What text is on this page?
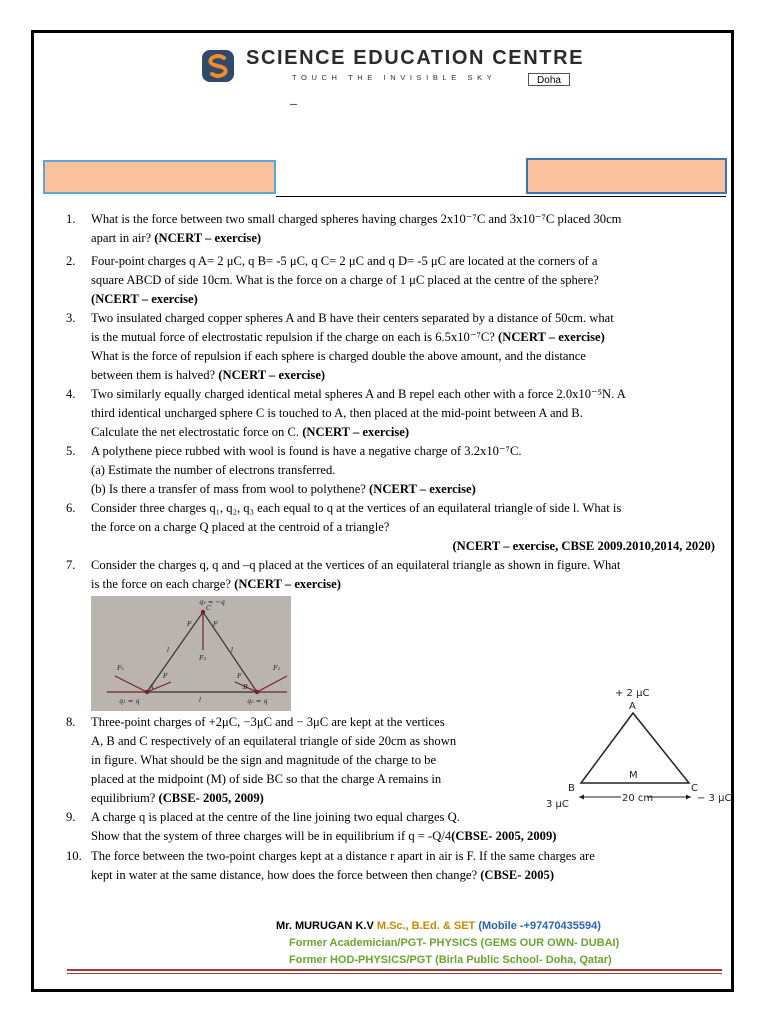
SCIENCE EDUCATION CENTRE
TOUCH THE INVISIBLE SKY	Doha
_
1. What is the force between two small charged spheres having charges 2x10⁻⁷C and 3x10⁻⁷C placed 30cm
apart in air? (NCERT – exercise)
2. Four-point charges q A= 2 μC, q B= -5 μC, q C= 2 μC and q D= -5 μC are located at the corners of a
square ABCD of side 10cm. What is the force on a charge of 1 μC placed at the centre of the sphere?
(NCERT – exercise)
3. Two insulated charged copper spheres A and B have their centers separated by a distance of 50cm. what
is the mutual force of electrostatic repulsion if the charge on each is 6.5x10⁻⁷C? (NCERT – exercise)
What is the force of repulsion if each sphere is charged double the above amount, and the distance
between them is halved? (NCERT – exercise)
4. Two similarly equally charged identical metal spheres A and B repel each other with a force 2.0x10⁻⁵N. A
third identical uncharged sphere C is touched to A, then placed at the mid-point between A and B.
Calculate the net electrostatic force on C. (NCERT – exercise)
5. A polythene piece rubbed with wool is found is have a negative charge of 3.2x10⁻⁷C.
(a) Estimate the number of electrons transferred.
(b) Is there a transfer of mass from wool to polythene? (NCERT – exercise)
6. Consider three charges q₁, q₂, q₃ each equal to q at the vertices of an equilateral triangle of side l. What is
the force on a charge Q placed at the centroid of a triangle?
(NCERT – exercise, CBSE 2009.2010,2014, 2020)
7. Consider the charges q, q and –q placed at the vertices of an equilateral triangle as shown in figure. What
is the force on each charge? (NCERT – exercise)
8. Three-point charges of +2μC, −3μC and − 3μC are kept at the vertices
A, B and C respectively of an equilateral triangle of side 20cm as shown
in figure. What should be the sign and magnitude of the charge to be
placed at the midpoint (M) of side BC so that the charge A remains in
equilibrium? (CBSE- 2005, 2009)
9. A charge q is placed at the centre of the line joining two equal charges Q.
Show that the system of three charges will be in equilibrium if q = -Q/4(CBSE- 2005, 2009)
10. The force between the two-point charges kept at a distance r apart in air is F. If the same charges are
kept in water at the same distance, how does the force between then change? (CBSE- 2005)
q₃ = −q
C
F	F
F₃
l	l
F₁	F₂
A	B
l
q₁ = q	q₂ = q
F	F
+ 2 μC
A
B	C
M
3 μC
− 3 μC
20 cm
Mr. MURUGAN K.V M.Sc., B.Ed. & SET (Mobile -+97470435594)
Former Academician/PGT- PHYSICS (GEMS OUR OWN- DUBAI)
Former HOD-PHYSICS/PGT (Birla Public School- Doha, Qatar)
